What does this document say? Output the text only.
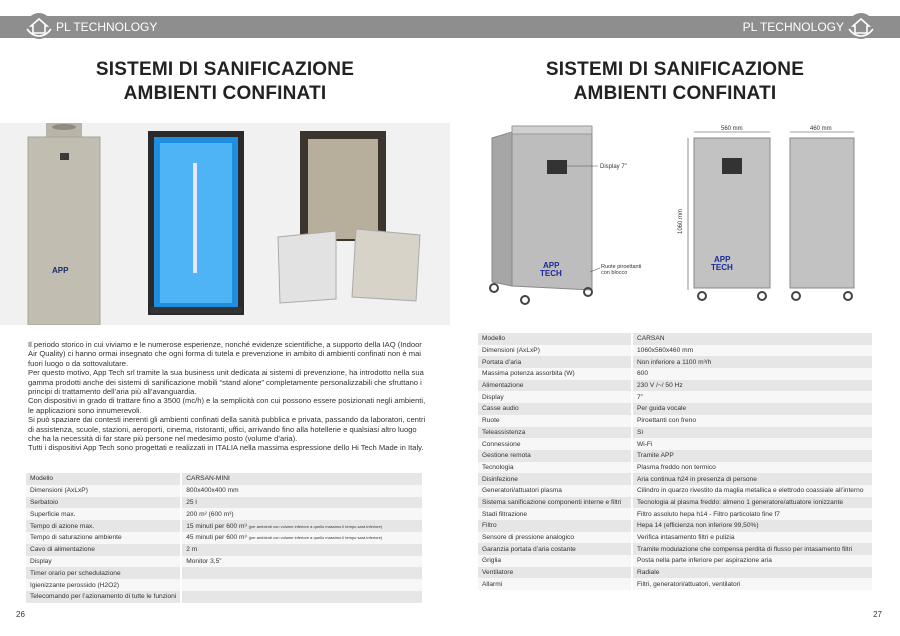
PL TECHNOLOGY
SISTEMI DI SANIFICAZIONE
AMBIENTI CONFINATI
APP

Il periodo storico in cui viviamo e le numerose esperienze, nonché evidenze scientifiche, a supporto della IAQ (Indoor Air Quality) ci hanno ormai insegnato che ogni forma di tutela e prevenzione in ambito di ambienti confinati non è mai fuori luogo o da sottovalutare.

Per questo motivo, App Tech srl tramite la sua business unit dedicata ai sistemi di prevenzione, ha introdotto nella sua gamma prodotti anche dei sistemi di sanificazione mobili “stand alone” completamente personalizzabili che sfruttano i principi di trattamento dell’aria più all’avanguardia.

Con dispositivi in grado di trattare fino a 3500 (mc/h) e la semplicità con cui possono essere posizionati negli ambienti, le applicazioni sono innumerevoli.

Si può spaziare dai contesti inerenti gli ambienti confinati della sanità pubblica e privata, passando da laboratori, centri di assistenza, scuole, stazioni, aeroporti, cinema, ristoranti, uffici, arrivando fino alla hotellerie e qualsiasi altro luogo che ha la necessità di far stare più persone nel medesimo posto (volume d’aria).

Tutti i dispositivi App Tech sono progettati e realizzati in ITALIA nella massima espressione dello Hi Tech Made in Italy.

Modello	CARSAN-MINI
Dimensioni (AxLxP)	800x400x400 mm
Serbatoio	25 l
Superficie max.	200 m² (600 m³)
Tempo di azione max.	15 minuti per 600 m³ (per ambienti con volume inferiore a quello massimo il tempo sarà inferiore)
Tempo di saturazione ambiente	45 minuti per 600 m³ (per ambienti con volume inferiore a quello massimo il tempo sarà inferiore)
Cavo di alimentazione	2 m
Display	Monitor 3,5”
Timer orario per schedulazione	
Igienizzante perossido (H2O2)	
Telecomando per l’azionamento di tutte le funzioni	
26
PL TECHNOLOGY
SISTEMI DI SANIFICAZIONE
AMBIENTI CONFINATI
APP
TECH
Display 7"
Ruote piroettanti
con blocco
560 mm
1060 mm
APP
TECH
460 mm
Modello	CARSAN
Dimensioni (AxLxP)	1060x560x460 mm
Portata d’aria	Non inferiore a 1100 m³/h
Massima potenza assorbita (W)	600
Alimentazione	230 V /~/ 50 Hz
Display	7”
Casse audio	Per guida vocale
Ruote	Piroettanti con freno
Teleassistenza	Sì
Connessione	Wi-Fi
Gestione remota	Tramite APP
Tecnologia	Plasma freddo non termico
Disinfezione	Aria continua h24 in presenza di persone
Generatori/attuatori plasma	Cilindro in quarzo rivestito da maglia metallica e elettrodo coassiale all’interno
Sistema sanificazione componenti interne e filtri	Tecnologia al plasma freddo: almeno 1 generatore/attuatore ionizzante
Stadi filtrazione	Filtro assoluto hepa h14 - Filtro particolato fine f7
Filtro	Hepa 14 (efficienza non inferiore 99,50%)
Sensore di pressione analogico	Verifica intasamento filtri e pulizia
Garanzia portata d’aria costante	Tramite modulazione che compensa perdita di flusso per intasamento filtri
Griglia	Posta nella parte inferiore per aspirazione aria
Ventilatore	Radiale
Allarmi	Filtri, generatori/attuatori, ventilatori
27
